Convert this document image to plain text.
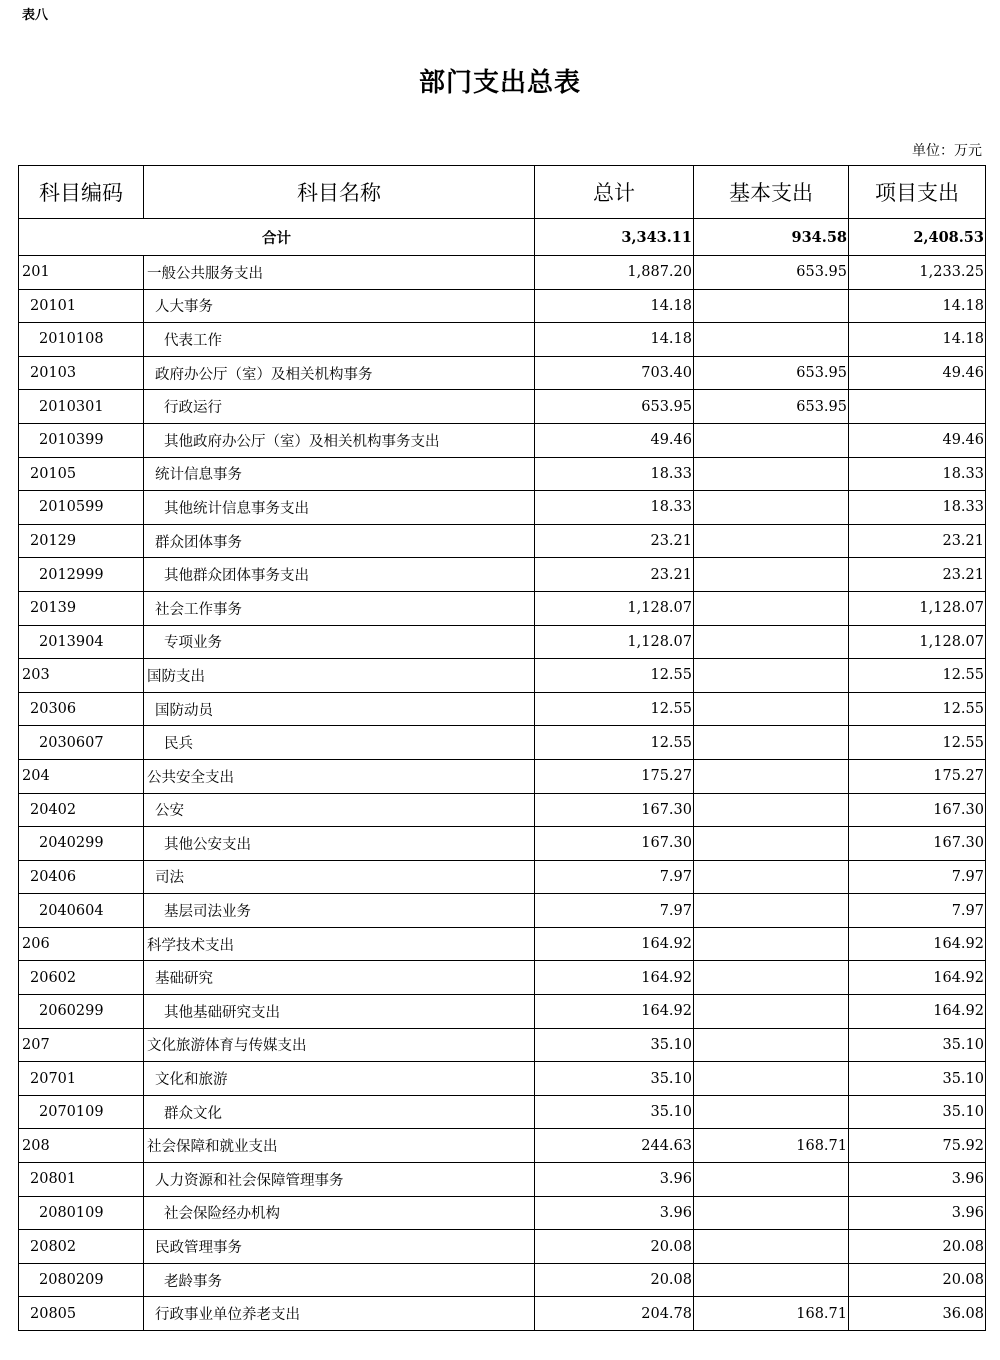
表八
部门支出总表
单位：万元
科目编码	科目名称	总计	基本支出	项目支出
合计		3,343.11	934.58	2,408.53
201	一般公共服务支出	1,887.20	653.95	1,233.25
20101	人大事务	14.18		14.18
2010108	代表工作	14.18		14.18
20103	政府办公厅（室）及相关机构事务	703.40	653.95	49.46
2010301	行政运行	653.95	653.95	
2010399	其他政府办公厅（室）及相关机构事务支出	49.46		49.46
20105	统计信息事务	18.33		18.33
2010599	其他统计信息事务支出	18.33		18.33
20129	群众团体事务	23.21		23.21
2012999	其他群众团体事务支出	23.21		23.21
20139	社会工作事务	1,128.07		1,128.07
2013904	专项业务	1,128.07		1,128.07
203	国防支出	12.55		12.55
20306	国防动员	12.55		12.55
2030607	民兵	12.55		12.55
204	公共安全支出	175.27		175.27
20402	公安	167.30		167.30
2040299	其他公安支出	167.30		167.30
20406	司法	7.97		7.97
2040604	基层司法业务	7.97		7.97
206	科学技术支出	164.92		164.92
20602	基础研究	164.92		164.92
2060299	其他基础研究支出	164.92		164.92
207	文化旅游体育与传媒支出	35.10		35.10
20701	文化和旅游	35.10		35.10
2070109	群众文化	35.10		35.10
208	社会保障和就业支出	244.63	168.71	75.92
20801	人力资源和社会保障管理事务	3.96		3.96
2080109	社会保险经办机构	3.96		3.96
20802	民政管理事务	20.08		20.08
2080209	老龄事务	20.08		20.08
20805	行政事业单位养老支出	204.78	168.71	36.08
